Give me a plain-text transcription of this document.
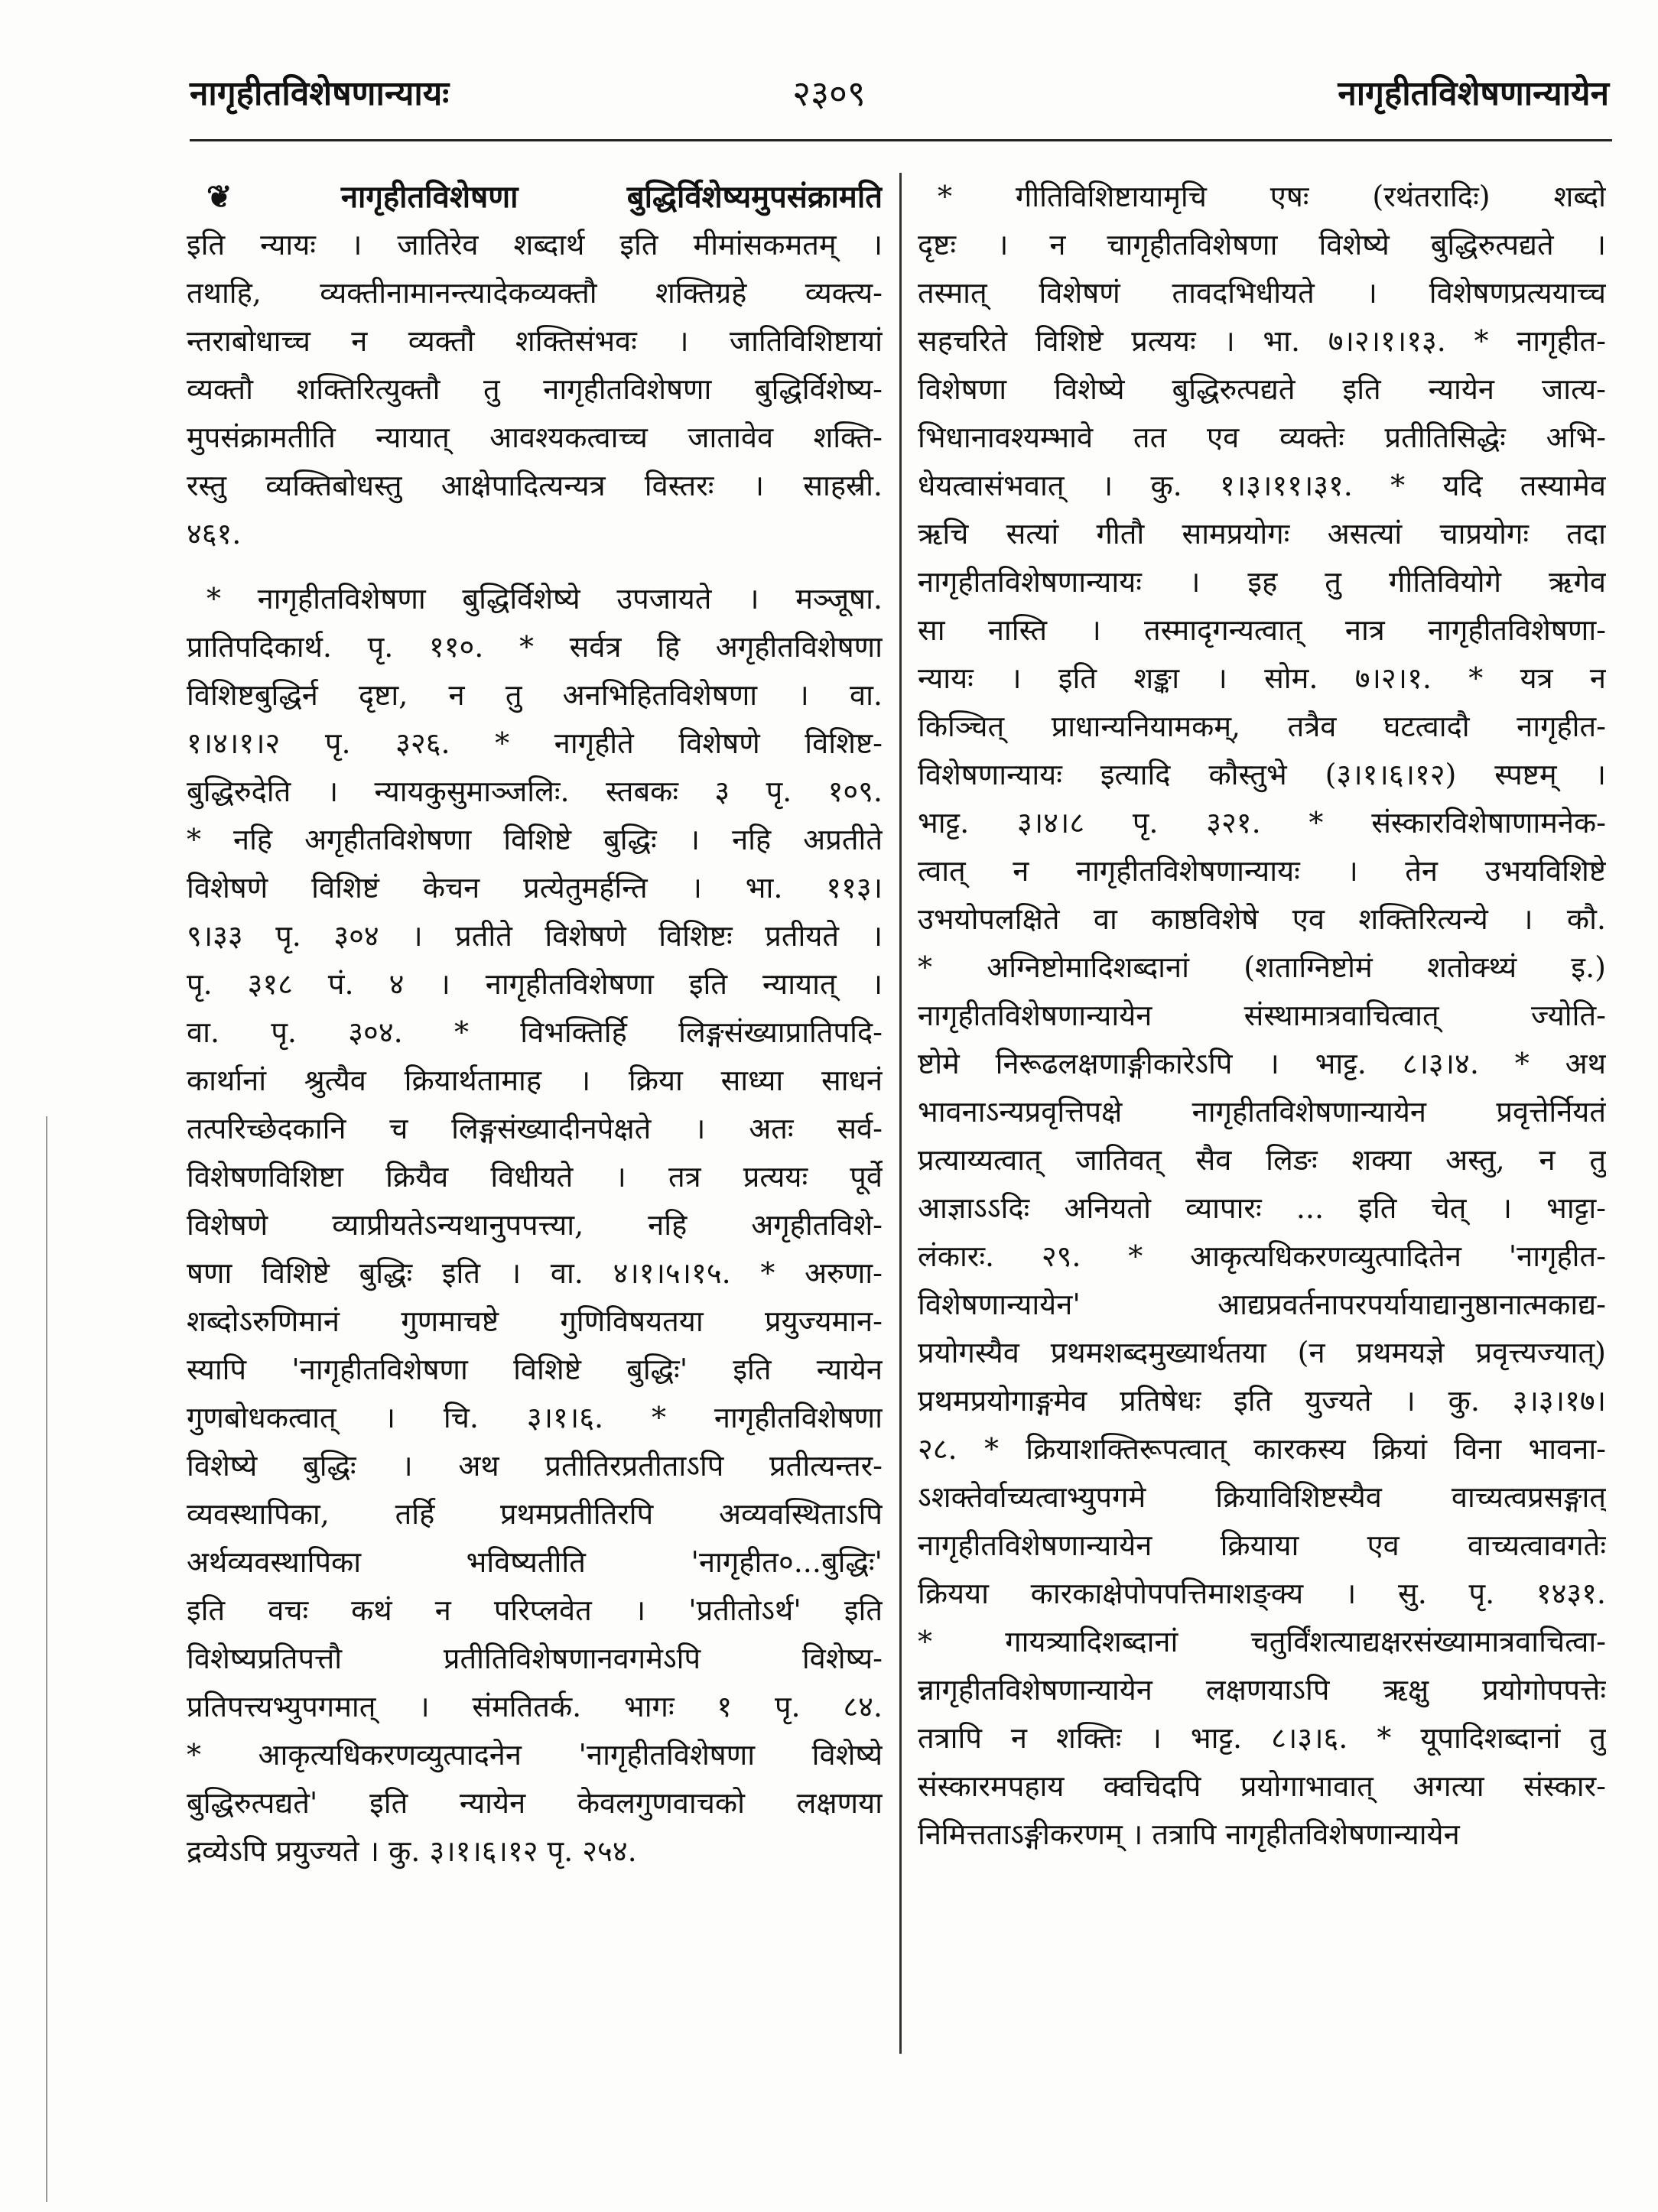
नागृहीतविशेषणान्यायः	२३०९	नागृहीतविशेषणान्यायेन
❦ नागृहीतविशेषणा बुद्धिर्विशेष्यमुपसंक्रामति
इति न्यायः । जातिरेव शब्दार्थ इति मीमांसकमतम् ।
तथाहि, व्यक्तीनामानन्त्यादेकव्यक्तौ शक्तिग्रहे व्यक्त्य-
न्तराबोधाच्च न व्यक्तौ शक्तिसंभवः । जातिविशिष्टायां
व्यक्तौ शक्तिरित्युक्तौ तु नागृहीतविशेषणा बुद्धिर्विशेष्य-
मुपसंक्रामतीति न्यायात् आवश्यकत्वाच्च जातावेव शक्ति-
रस्तु व्यक्तिबोधस्तु आक्षेपादित्यन्यत्र विस्तरः । साहस्री.
४६१.
* नागृहीतविशेषणा बुद्धिर्विशेष्ये उपजायते । मञ्जूषा.
प्रातिपदिकार्थ. पृ. ११०. * सर्वत्र हि अगृहीतविशेषणा
विशिष्टबुद्धिर्न दृष्टा, न तु अनभिहितविशेषणा । वा.
१।४।१।२ पृ. ३२६. * नागृहीते विशेषणे विशिष्ट-
बुद्धिरुदेति । न्यायकुसुमाञ्जलिः. स्तबकः ३ पृ. १०९.
* नहि अगृहीतविशेषणा विशिष्टे बुद्धिः । नहि अप्रतीते
विशेषणे विशिष्टं केचन प्रत्येतुमर्हन्ति । भा. ११३।
९।३३ पृ. ३०४ । प्रतीते विशेषणे विशिष्टः प्रतीयते ।
पृ. ३१८ पं. ४ । नागृहीतविशेषणा इति न्यायात् ।
वा. पृ. ३०४. * विभक्तिर्हि लिङ्गसंख्याप्रातिपदि-
कार्थानां श्रुत्यैव क्रियार्थतामाह । क्रिया साध्या साधनं
तत्परिच्छेदकानि च लिङ्गसंख्यादीनपेक्षते । अतः सर्व-
विशेषणविशिष्टा क्रियैव विधीयते । तत्र प्रत्ययः पूर्वे
विशेषणे व्याप्रीयतेऽन्यथानुपपत्त्या, नहि अगृहीतविशे-
षणा विशिष्टे बुद्धिः इति । वा. ४।१।५।१५. * अरुणा-
शब्दोऽरुणिमानं गुणमाचष्टे गुणिविषयतया प्रयुज्यमान-
स्यापि 'नागृहीतविशेषणा विशिष्टे बुद्धिः' इति न्यायेन
गुणबोधकत्वात् । चि. ३।१।६. * नागृहीतविशेषणा
विशेष्ये बुद्धिः । अथ प्रतीतिरप्रतीताऽपि प्रतीत्यन्तर-
व्यवस्थापिका, तर्हि प्रथमप्रतीतिरपि अव्यवस्थिताऽपि
अर्थव्यवस्थापिका भविष्यतीति 'नागृहीत०...बुद्धिः'
इति वचः कथं न परिप्लवेत । 'प्रतीतोऽर्थ' इति
विशेष्यप्रतिपत्तौ प्रतीतिविशेषणानवगमेऽपि विशेष्य-
प्रतिपत्त्यभ्युपगमात् । संमतितर्क. भागः १ पृ. ८४.
* आकृत्यधिकरणव्युत्पादनेन 'नागृहीतविशेषणा विशेष्ये
बुद्धिरुत्पद्यते' इति न्यायेन केवलगुणवाचको लक्षणया
द्रव्येऽपि प्रयुज्यते । कु. ३।१।६।१२ पृ. २५४.
* गीतिविशिष्टायामृचि एषः (रथंतरादिः) शब्दो
दृष्टः । न चागृहीतविशेषणा विशेष्ये बुद्धिरुत्पद्यते ।
तस्मात् विशेषणं तावदभिधीयते । विशेषणप्रत्ययाच्च
सहचरिते विशिष्टे प्रत्ययः । भा. ७।२।१।१३. * नागृहीत-
विशेषणा विशेष्ये बुद्धिरुत्पद्यते इति न्यायेन जात्य-
भिधानावश्यम्भावे तत एव व्यक्तेः प्रतीतिसिद्धेः अभि-
धेयत्वासंभवात् । कु. १।३।११।३१. * यदि तस्यामेव
ऋचि सत्यां गीतौ सामप्रयोगः असत्यां चाप्रयोगः तदा
नागृहीतविशेषणान्यायः । इह तु गीतिवियोगे ऋगेव
सा नास्ति । तस्मादृगन्यत्वात् नात्र नागृहीतविशेषणा-
न्यायः । इति शङ्का । सोम. ७।२।१. * यत्र न
किञ्चित् प्राधान्यनियामकम्, तत्रैव घटत्वादौ नागृहीत-
विशेषणान्यायः इत्यादि कौस्तुभे (३।१।६।१२) स्पष्टम् ।
भाट्ट. ३।४।८ पृ. ३२१. * संस्कारविशेषाणामनेक-
त्वात् न नागृहीतविशेषणान्यायः । तेन उभयविशिष्टे
उभयोपलक्षिते वा काष्ठविशेषे एव शक्तिरित्यन्ये । कौ.
* अग्निष्टोमादिशब्दानां (शताग्निष्टोमं शतोक्थ्यं इ.)
नागृहीतविशेषणान्यायेन संस्थामात्रवाचित्वात् ज्योति-
ष्टोमे निरूढलक्षणाङ्गीकारेऽपि । भाट्ट. ८।३।४. * अथ
भावनाऽन्यप्रवृत्तिपक्षे नागृहीतविशेषणान्यायेन प्रवृत्तेर्नियतं
प्रत्याय्यत्वात् जातिवत् सैव लिङः शक्या अस्तु, न तु
आज्ञाऽऽदिः अनियतो व्यापारः ... इति चेत् । भाट्टा-
लंकारः. २९. * आकृत्यधिकरणव्युत्पादितेन 'नागृहीत-
विशेषणान्यायेन' आद्यप्रवर्तनापरपर्यायाद्यानुष्ठानात्मकाद्य-
प्रयोगस्यैव प्रथमशब्दमुख्यार्थतया (न प्रथमयज्ञे प्रवृत्त्यज्यात्)
प्रथमप्रयोगाङ्गमेव प्रतिषेधः इति युज्यते । कु. ३।३।१७।
२८. * क्रियाशक्तिरूपत्वात् कारकस्य क्रियां विना भावना-
ऽशक्तेर्वाच्यत्वाभ्युपगमे क्रियाविशिष्टस्यैव वाच्यत्वप्रसङ्गात्
नागृहीतविशेषणान्यायेन क्रियाया एव वाच्यत्वावगतेः
क्रियया कारकाक्षेपोपपत्तिमाशङ्क्य । सु. पृ. १४३१.
* गायत्र्यादिशब्दानां चतुर्विंशत्याद्यक्षरसंख्यामात्रवाचित्वा-
न्नागृहीतविशेषणान्यायेन लक्षणयाऽपि ऋक्षु प्रयोगोपपत्तेः
तत्रापि न शक्तिः । भाट्ट. ८।३।६. * यूपादिशब्दानां तु
संस्कारमपहाय क्वचिदपि प्रयोगाभावात् अगत्या संस्कार-
निमित्तताऽङ्गीकरणम् । तत्रापि नागृहीतविशेषणान्यायेन
